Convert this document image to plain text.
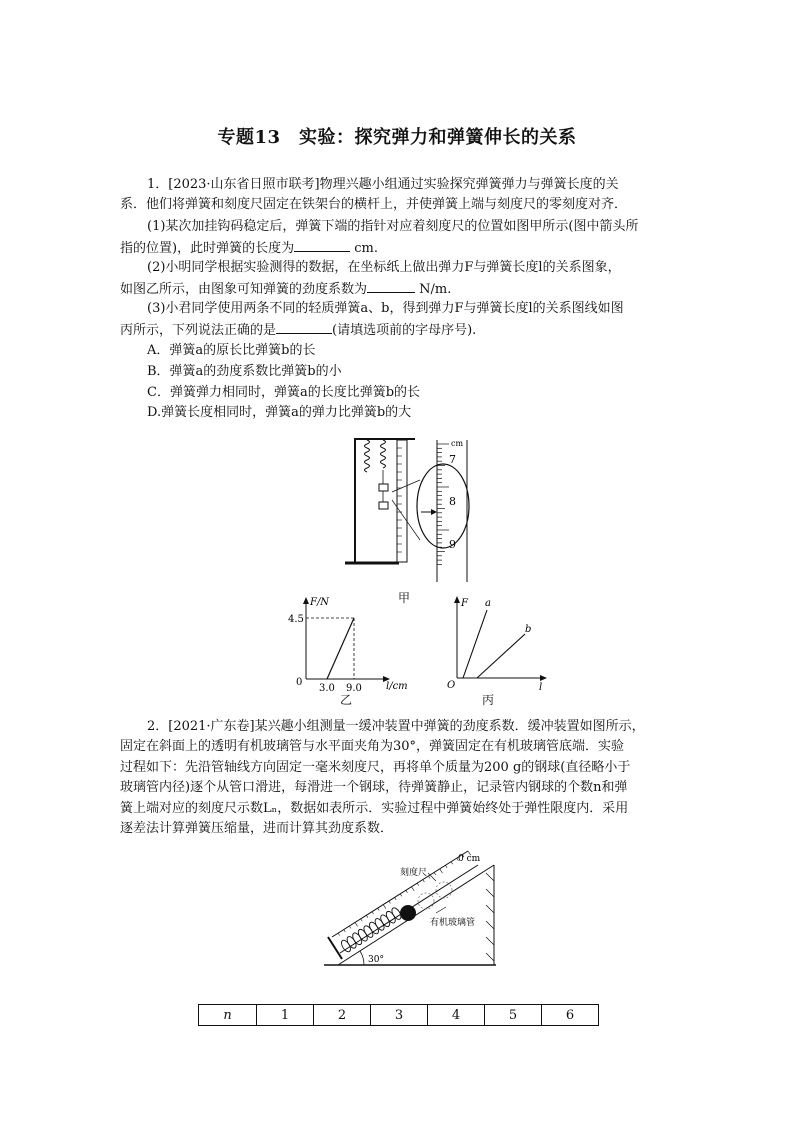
专题13　实验：探究弹力和弹簧伸长的关系
1．[2023·山东省日照市联考]物理兴趣小组通过实验探究弹簧弹力与弹簧长度的关
系．他们将弹簧和刻度尺固定在铁架台的横杆上，并使弹簧上端与刻度尺的零刻度对齐．
(1)某次加挂钩码稳定后，弹簧下端的指针对应着刻度尺的位置如图甲所示(图中箭头所
指的位置)，此时弹簧的长度为	cm.
(2)小明同学根据实验测得的数据，在坐标纸上做出弹力F与弹簧长度l的关系图象，
如图乙所示，由图象可知弹簧的劲度系数为	N/m.
(3)小君同学使用两条不同的轻质弹簧a、b，得到弹力F与弹簧长度l的关系图线如图
丙所示，下列说法正确的是	(请填选项前的字母序号).
A．弹簧a的原长比弹簧b的长
B．弹簧a的劲度系数比弹簧b的小
C．弹簧弹力相同时，弹簧a的长度比弹簧b的长
D.弹簧长度相同时，弹簧a的弹力比弹簧b的大
cm
7
8
9
甲
F/N
4.5
0
3.0 9.0 l/cm
乙
F a
b
O	l
丙
2．[2021·广东卷]某兴趣小组测量一缓冲装置中弹簧的劲度系数．缓冲装置如图所示，
固定在斜面上的透明有机玻璃管与水平面夹角为30°，弹簧固定在有机玻璃管底端．实验
过程如下：先沿管轴线方向固定一毫米刻度尺，再将单个质量为200 g的钢球(直径略小于
玻璃管内径)逐个从管口滑进，每滑进一个钢球，待弹簧静止，记录管内钢球的个数n和弹
簧上端对应的刻度尺示数Lₙ，数据如表所示．实验过程中弹簧始终处于弹性限度内．采用
逐差法计算弹簧压缩量，进而计算其劲度系数．
刻度尺
0 cm
有机玻璃管
30°
n	1	2	3	4	5	6
